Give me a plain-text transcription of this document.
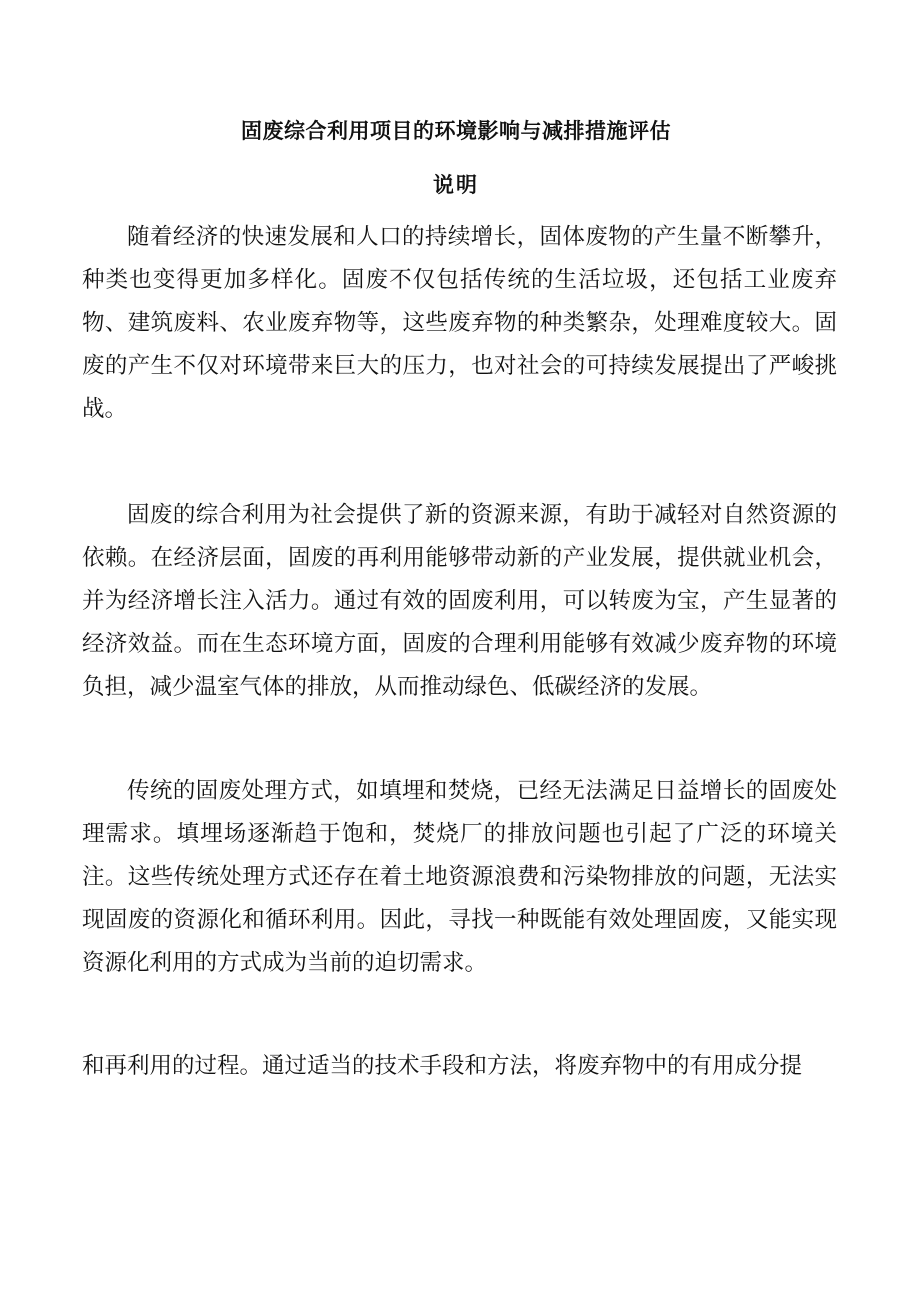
固废综合利用项目的环境影响与减排措施评估
说明

随着经济的快速发展和人口的持续增长，固体废物的产生量不断攀升，种类也变得更加多样化。固废不仅包括传统的生活垃圾，还包括工业废弃物、建筑废料、农业废弃物等，这些废弃物的种类繁杂，处理难度较大。固废的产生不仅对环境带来巨大的压力，也对社会的可持续发展提出了严峻挑战。

固废的综合利用为社会提供了新的资源来源，有助于减轻对自然资源的依赖。在经济层面，固废的再利用能够带动新的产业发展，提供就业机会，并为经济增长注入活力。通过有效的固废利用，可以转废为宝，产生显著的经济效益。而在生态环境方面，固废的合理利用能够有效减少废弃物的环境负担，减少温室气体的排放，从而推动绿色、低碳经济的发展。

传统的固废处理方式，如填埋和焚烧，已经无法满足日益增长的固废处理需求。填埋场逐渐趋于饱和，焚烧厂的排放问题也引起了广泛的环境关注。这些传统处理方式还存在着土地资源浪费和污染物排放的问题，无法实现固废的资源化和循环利用。因此，寻找一种既能有效处理固废，又能实现资源化利用的方式成为当前的迫切需求。

和再利用的过程。通过适当的技术手段和方法，将废弃物中的有用成分提
